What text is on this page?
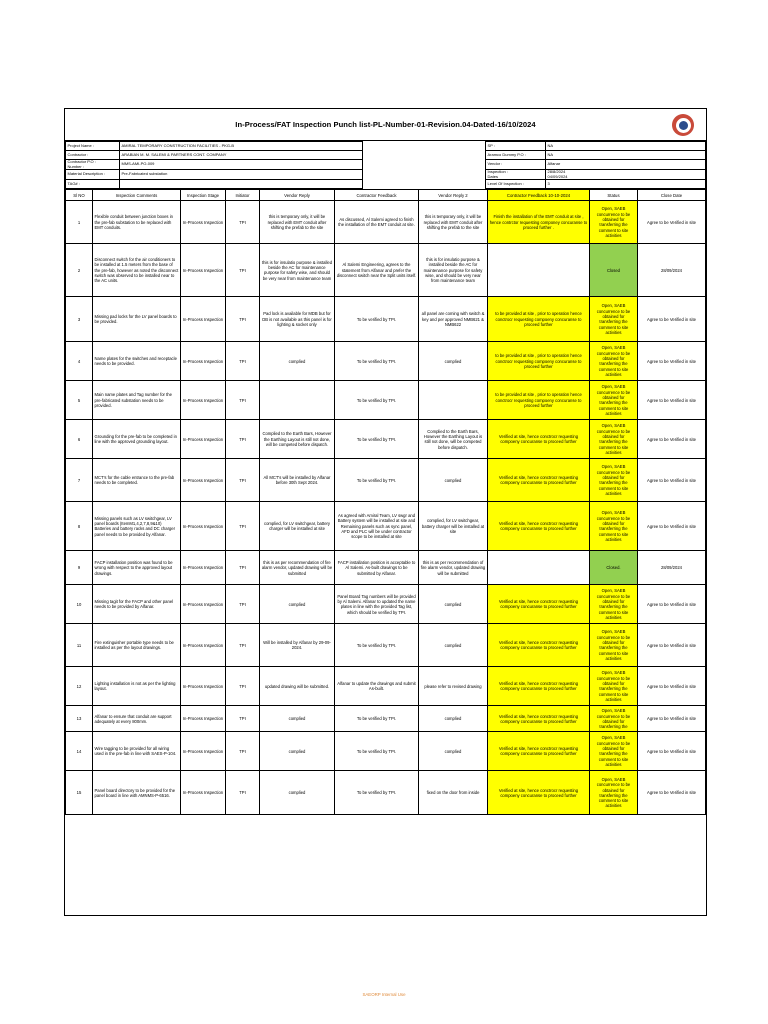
In-Process/FAT Inspection Punch list-PL-Number-01-Revision.04-Dated-16/10/2024
Project Name :	AMIRAL TEMPORARY CONSTRUCTION FACILITIES - PKG-B		SP :	NA
Contractor :	ARABIAN M. M. SALEMI & PARTNERS CONT. COMPANY		Aramco Dummy P.O :	NA
Contractor P.O :
Number :	MMS-AMI-PO-009		Vendor :	Alfanar
Material Description :	Pre-Fabricated substation		Inspection :
Dates	28/8/2024
04/09/2024
TAG# :			Level Of Inspection :	3
Sl NO	Inspection Comments	Inspection Stage	Initiator	Vendor Reply	Contractor Feedback	Vendor Reply 2	Contractor Feedback 10-10-2024	Status	Close Date
1	Flexible conduit between junction boxes in the pre-fab substation to be replaced with EMT conduits.	In-Process Inspection	TPI	this is temporary only, it will be replaced with EMT conduit after shifting the prefab to the site	As discussed, Al Salemi agreed to finish the installation of the EMT conduit at site.	this is temporary only, it will be replaced with EMT conduit after shifting the prefab to the site	Finish the installation of the EMT conduit at site , hence contrctor requesting componey concuranse to proceed further .	Open, SAEB concurrence to be obtained for transferring the comment to site activities	Agree to be Verified in site
2	Disconnect switch for the air conditioners to be installed at 1.5 meters from the base of the pre-fab, however as noted the disconnect switch was observed to be installed near to the AC units.	In-Process Inspection	TPI	this is for insulatio purpose & installed beside the AC for maintenance purpose for safety wise, and should be very near from maintenance team	Al Salemi Engineering, agrees to the statement from Alfanar and prefer the disconnect switch near the Split units itself.	this is for insulatio purpose & installed beside the AC for maintenance purpose for safety wise, and should be very near from maintenance team		Closed	28/09/2024
3	Missing pad locks for the LV panel boards to be provided.	In-Process Inspection	TPI	Pad lock is available for MDB but for DB is not available as this panel is for lighting & socket only	To be verified by TPI.	all panel are coming with switch & key and per approved NMB621 & NMB622	to be provided at site , prior to operation hence conctrocr requesting compoeny concuranse to proceed further	Open, SAEB concurrence to be obtained for transferring the comment to site activities	Agree to be Verified in site
4	Name plates for the switches and receptacle needs to be provided.	In-Process Inspection	TPI	complied	To be verified by TPI.	complied	to be provided at site , prior to operation hence conctrocr requesting compoeny concuranse to proceed further	Open, SAEB concurrence to be obtained for transferring the comment to site activities	Agree to be Verified in site
5	Main name plates and Tag number for the pre-fabricated substation needs to be provided.	In-Process Inspection	TPI		To be verified by TPI.		to be provided at site , prior to operation hence conctrocr requesting compoeny concuranse to proceed further	Open, SAEB concurrence to be obtained for transferring the comment to site activities	Agree to be Verified in site
6	Grounding for the pre-fab to be completed in line with the approved grounding layout.	In-Process Inspection	TPI	Complied to the Earth Bars, However the Earthing Layout is still not done, will be competed before dispatch.	To be verified by TPI.	Complied to the Earth Bars, However the Earthing Layout is still not done, will be competed before dispatch.	Verified at site, hence conctrocr requesting compoeny concuranse to proceed further	Open, SAEB concurrence to be obtained for transferring the comment to site activities	Agree to be Verified in site
7	MCT's for the cable entrance to the pre-fab needs to be completed.	In-Process Inspection	TPI	All MCT's will be installed by Alfanar before 30th Sept 2024.	To be verified by TPI.	complied	Verified at site, hence conctrocr requesting compoeny concuranse to proceed further	Open, SAEB concurrence to be obtained for transferring the comment to site activities	Agree to be Verified in site
8	Missing panels such as LV switchgear, LV panel boards (ItemM1,4,2,7,8,9&10) Batteries and battery racks and DC charger panel needs to be provided by Alfanar.	In-Process Inspection	TPI	complied, for LV switchgear, battery charger will be installed at site	As agreed with Amiral Team, LV swgr and Battery system will be installed at site and Remaining panels such as sync panel, AFD and PLC will be under contractor scope to be installed at site	complied, for LV switchgear, battery charger will be installed at site	Verified at site, hence conctrocr requesting compoeny concuranse to proceed further	Open, SAEB concurrence to be obtained for transferring the comment to site activities	Agree to be Verified in site
9	FACP installation position was found to be wrong with respect to the approved layout drawings.	In-Process Inspection	TPI	this is as per recommendation of fire alarm vendor, updated drawing will be submitted	FACP installation position is acceptable to Al Salemi. As-built drawings to be submitted by Alfanar.	this is as per recommendation of fire alarm vendor, updated drawing will be submitted		Closed.	28/09/2024
10	Missing tagit for the FACP and other panel needs to be provided by Alfanar.	In-Process Inspection	TPI	complied	Panel Board Tag numbers will be provided by Al Salemi. Alfanar to updated the name plates in line with the provided Tag list, which should be verified by TPI.	complied	Verified at site, hence conctrocr requesting compoeny concuranse to proceed further	Open, SAEB concurrence to be obtained for transferring the comment to site activities	Agree to be Verified in site
11	Fire extinguisher portable type needs to be installed as per the layout drawings.	In-Process Inspection	TPI	Will be installed by Alfanar by 29-09-2024.	To be verified by TPI.	complied	Verified at site, hence conctrocr requesting compoeny concuranse to proceed further	Open, SAEB concurrence to be obtained for transferring the comment to site activities	Agree to be Verified in site
12	Lighting installation is not as per the lighting layout.	In-Process Inspection	TPI	updated drawing will be submitted.	Alfanar to update the drawings and submit As-built.	please refer to revised drawing	Verified at site, hence conctrocr requesting compoeny concuranse to proceed further	Open, SAEB concurrence to be obtained for transferring the comment to site activities	Agree to be Verified in site
13	Alfanar to ensure that conduit are support adequately at every 800mm.	In-Process Inspection	TPI	complied	To be verified by TPI.	complied	Verified at site, hence conctrocr requesting compoeny concuranse to proceed further	Open, SAEB concurrence to be obtained for transferring the	Agree to be Verified in site
14	Wire tagging to be provided for all wiring used in the pre-fab in line with SAES-P-104.	In-Process Inspection	TPI	complied	To be verified by TPI.	complied	Verified at site, hence conctrocr requesting compoeny concuranse to proceed further	Open, SAEB concurrence to be obtained for transferring the comment to site activities	Agree to be Verified in site
15	Panel board directory to be provided for the panel board in line with AMNMS-P-6516.	In-Process Inspection	TPI	complied	To be verified by TPI.	fixed on the door from inside	Verified at site, hence conctrocr requesting compoeny concuranse to proceed further	Open, SAEB concurrence to be obtained for transferring the comment to site activities	Agree to be Verified in site
SAEORP Internal Use
